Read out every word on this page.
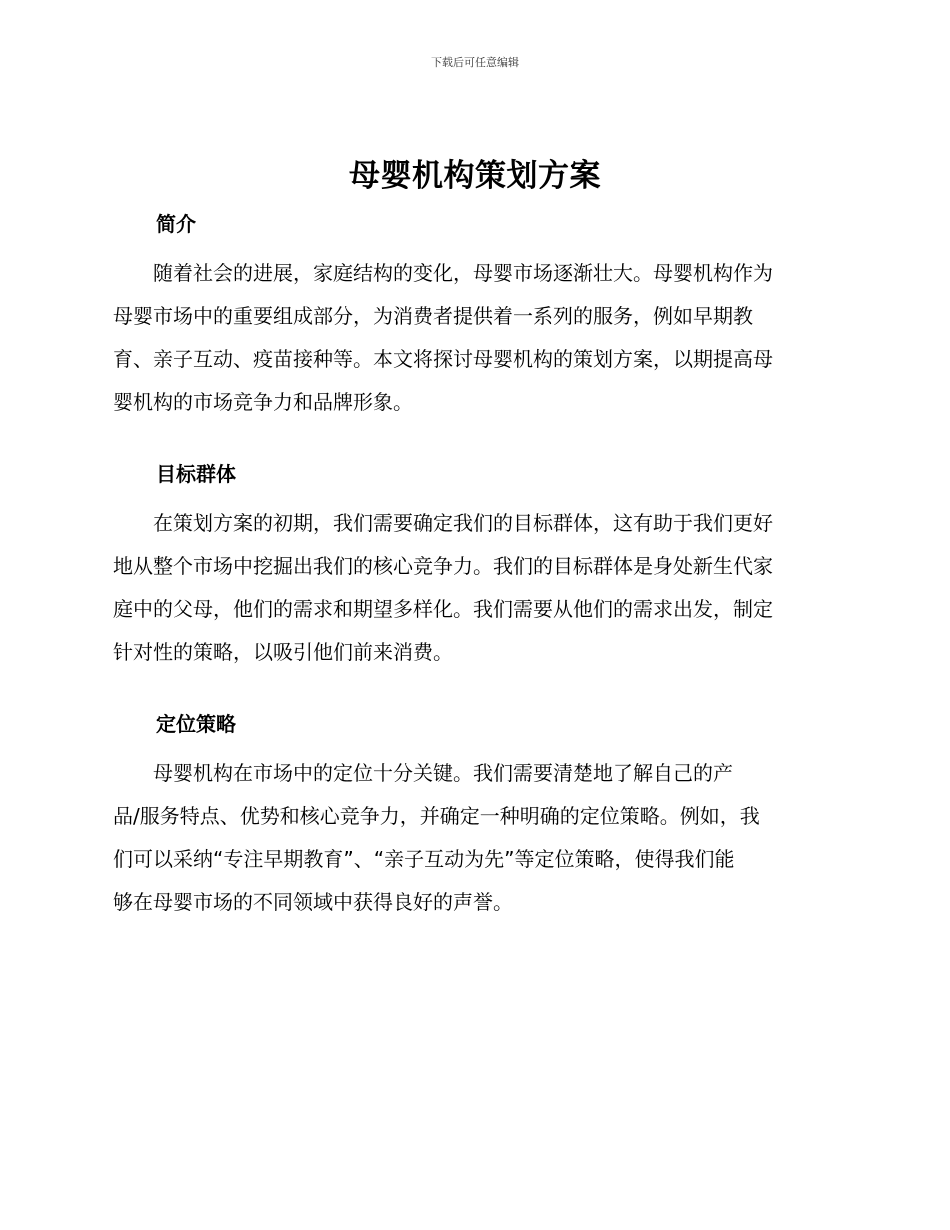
下载后可任意编辑
母婴机构策划方案
简介
　　随着社会的进展，家庭结构的变化，母婴市场逐渐壮大。母婴机构作为
母婴市场中的重要组成部分，为消费者提供着一系列的服务，例如早期教
育、亲子互动、疫苗接种等。本文将探讨母婴机构的策划方案，以期提高母
婴机构的市场竞争力和品牌形象。
目标群体
　　在策划方案的初期，我们需要确定我们的目标群体，这有助于我们更好
地从整个市场中挖掘出我们的核心竞争力。我们的目标群体是身处新生代家
庭中的父母，他们的需求和期望多样化。我们需要从他们的需求出发，制定
针对性的策略，以吸引他们前来消费。
定位策略
　　母婴机构在市场中的定位十分关键。我们需要清楚地了解自己的产
品/服务特点、优势和核心竞争力，并确定一种明确的定位策略。例如，我
们可以采纳“专注早期教育”、“亲子互动为先”等定位策略，使得我们能
够在母婴市场的不同领域中获得良好的声誉。
